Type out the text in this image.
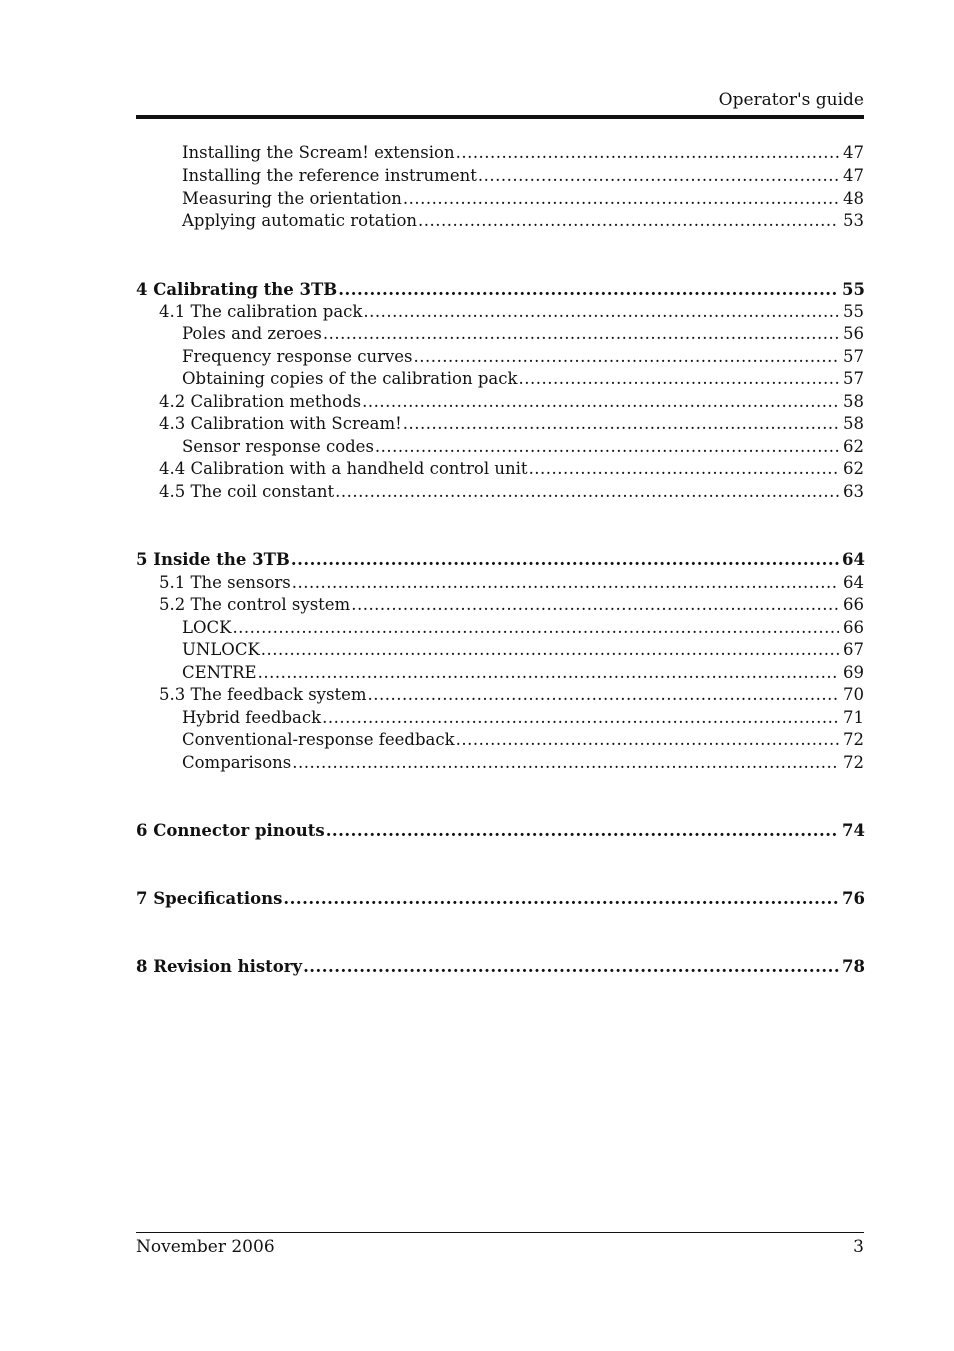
Operator's guide
Installing the Scream! extension .....	47
Installing the reference instrument .....	47
Measuring the orientation .....	48
Applying automatic rotation .....	53
4 Calibrating the 3TB .....	55
4.1 The calibration pack .....	55
Poles and zeroes .....	56
Frequency response curves .....	57
Obtaining copies of the calibration pack .....	57
4.2 Calibration methods .....	58
4.3 Calibration with Scream! .....	58
Sensor response codes .....	62
4.4 Calibration with a handheld control unit .....	62
4.5 The coil constant .....	63
5 Inside the 3TB .....	64
5.1 The sensors .....	64
5.2 The control system .....	66
LOCK .....	66
UNLOCK .....	67
CENTRE .....	69
5.3 The feedback system .....	70
Hybrid feedback .....	71
Conventional-response feedback .....	72
Comparisons .....	72
6 Connector pinouts .....	74
7 Specifications .....	76
8 Revision history .....	78
November 2006	3
